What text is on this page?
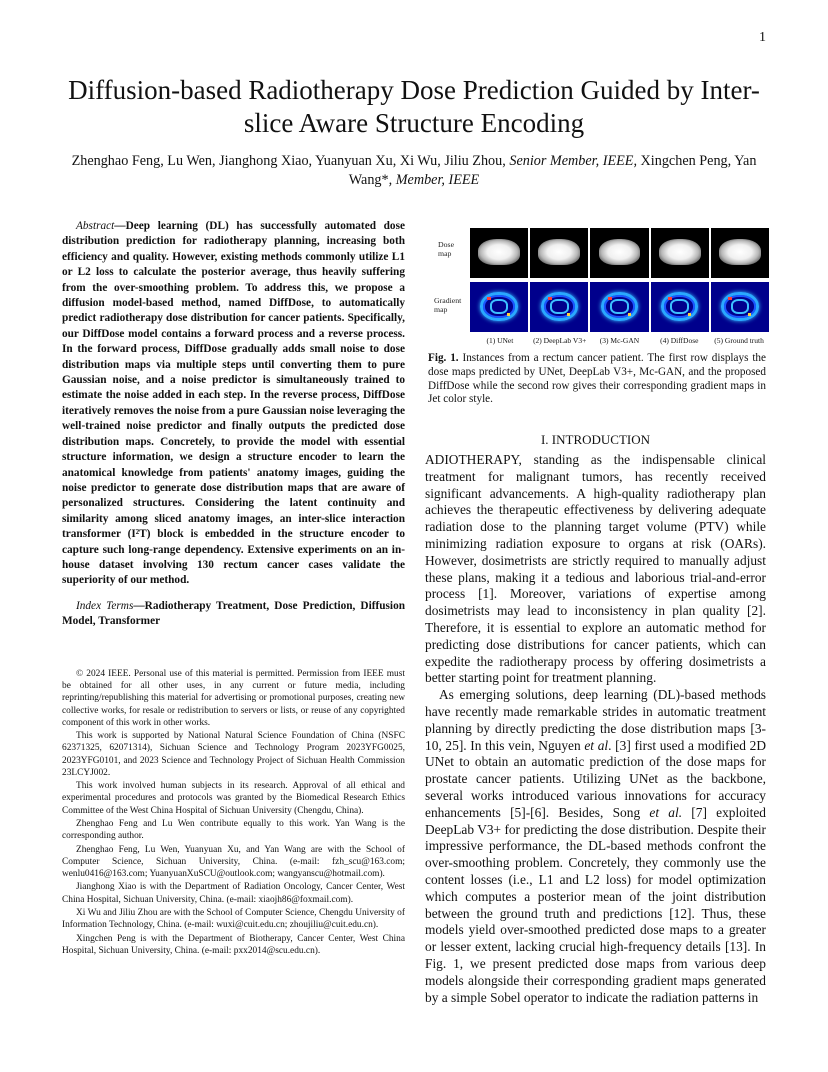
1
Diffusion-based Radiotherapy Dose Prediction Guided by Inter-slice Aware Structure Encoding
Zhenghao Feng, Lu Wen, Jianghong Xiao, Yuanyuan Xu, Xi Wu, Jiliu Zhou, Senior Member, IEEE, Xingchen Peng, Yan Wang*, Member, IEEE

Abstract—Deep learning (DL) has successfully automated dose distribution prediction for radiotherapy planning, increasing both efficiency and quality. However, existing methods commonly utilize L1 or L2 loss to calculate the posterior average, thus heavily suffering from the over-smoothing problem. To address this, we propose a diffusion model-based method, named DiffDose, to automatically predict radiotherapy dose distribution for cancer patients. Specifically, our DiffDose model contains a forward process and a reverse process. In the forward process, DiffDose gradually adds small noise to dose distribution maps via multiple steps until converting them to pure Gaussian noise, and a noise predictor is simultaneously trained to estimate the noise added in each step. In the reverse process, DiffDose iteratively removes the noise from a pure Gaussian noise leveraging the well-trained noise predictor and finally outputs the predicted dose distribution maps. Concretely, to provide the model with essential structure information, we design a structure encoder to learn the anatomical knowledge from patients' anatomy images, guiding the noise predictor to generate dose distribution maps that are aware of personalized structures. Considering the latent continuity and similarity among sliced anatomy images, an inter-slice interaction transformer (I²T) block is embedded in the structure encoder to capture such long-range dependency. Extensive experiments on an in-house dataset involving 130 rectum cancer cases validate the superiority of our method.

Index Terms—Radiotherapy Treatment, Dose Prediction, Diffusion Model, Transformer

© 2024 IEEE. Personal use of this material is permitted. Permission from IEEE must be obtained for all other uses, in any current or future media, including reprinting/republishing this material for advertising or promotional purposes, creating new collective works, for resale or redistribution to servers or lists, or reuse of any copyrighted component of this work in other works.

This work is supported by National Natural Science Foundation of China (NSFC 62371325, 62071314), Sichuan Science and Technology Program 2023YFG0025, 2023YFG0101, and 2023 Science and Technology Project of Sichuan Health Commission 23LCYJ002.

This work involved human subjects in its research. Approval of all ethical and experimental procedures and protocols was granted by the Biomedical Research Ethics Committee of the West China Hospital of Sichuan University (Chengdu, China).

Zhenghao Feng and Lu Wen contribute equally to this work. Yan Wang is the corresponding author.

Zhenghao Feng, Lu Wen, Yuanyuan Xu, and Yan Wang are with the School of Computer Science, Sichuan University, China. (e-mail: fzh_scu@163.com; wenlu0416@163.com; YuanyuanXuSCU@outlook.com; wangyanscu@hotmail.com).

Jianghong Xiao is with the Department of Radiation Oncology, Cancer Center, West China Hospital, Sichuan University, China. (e-mail: xiaojh86@foxmail.com).

Xi Wu and Jiliu Zhou are with the School of Computer Science, Chengdu University of Information Technology, China. (e-mail: wuxi@cuit.edu.cn; zhoujiliu@cuit.edu.cn).

Xingchen Peng is with the Department of Biotherapy, Cancer Center, West China Hospital, Sichuan University, China. (e-mail: pxx2014@scu.edu.cn).

Dose map
Gradient map
(1) UNet	(2) DeepLab V3+	(3) Mc-GAN	(4) DiffDose	(5) Ground truth

Fig. 1. Instances from a rectum cancer patient. The first row displays the dose maps predicted by UNet, DeepLab V3+, Mc-GAN, and the proposed DiffDose while the second row gives their corresponding gradient maps in Jet color style.

I. INTRODUCTION

ADIOTHERAPY, standing as the indispensable clinical treatment for malignant tumors, has recently received significant advancements. A high-quality radiotherapy plan achieves the therapeutic effectiveness by delivering adequate radiation dose to the planning target volume (PTV) while minimizing radiation exposure to organs at risk (OARs). However, dosimetrists are strictly required to manually adjust these plans, making it a tedious and laborious trial-and-error process [1]. Moreover, variations of expertise among dosimetrists may lead to inconsistency in plan quality [2]. Therefore, it is essential to explore an automatic method for predicting dose distributions for cancer patients, which can expedite the radiotherapy process by offering dosimetrists a better starting point for treatment planning.

As emerging solutions, deep learning (DL)-based methods have recently made remarkable strides in automatic treatment planning by directly predicting the dose distribution maps [3-10, 25]. In this vein, Nguyen et al. [3] first used a modified 2D UNet to obtain an automatic prediction of the dose maps for prostate cancer patients. Utilizing UNet as the backbone, several works introduced various innovations for accuracy enhancements [5]-[6]. Besides, Song et al. [7] exploited DeepLab V3+ for predicting the dose distribution. Despite their impressive performance, the DL-based methods confront the over-smoothing problem. Concretely, they commonly use the content losses (i.e., L1 and L2 loss) for model optimization which computes a posterior mean of the joint distribution between the ground truth and predictions [12]. Thus, these models yield over-smoothed predicted dose maps to a greater or lesser extent, lacking crucial high-frequency details [13]. In Fig. 1, we present predicted dose maps from various deep models alongside their corresponding gradient maps generated by a simple Sobel operator to indicate the radiation patterns in
